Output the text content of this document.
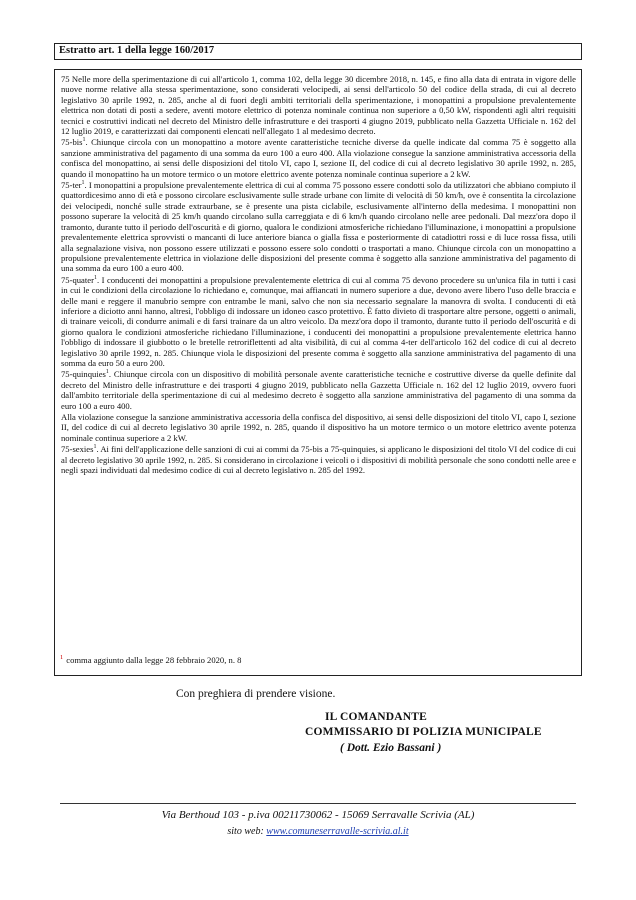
Estratto art. 1 della legge 160/2017

75 Nelle more della sperimentazione di cui all'articolo 1, comma 102, della legge 30 dicembre 2018, n. 145, e fino alla data di entrata in vigore delle nuove norme relative alla stessa sperimentazione, sono considerati velocipedi, ai sensi dell'articolo 50 del codice della strada, di cui al decreto legislativo 30 aprile 1992, n. 285, anche al di fuori degli ambiti territoriali della sperimentazione, i monopattini a propulsione prevalentemente elettrica non dotati di posti a sedere, aventi motore elettrico di potenza nominale continua non superiore a 0,50 kW, rispondenti agli altri requisiti tecnici e costruttivi indicati nel decreto del Ministro delle infrastrutture e dei trasporti 4 giugno 2019, pubblicato nella Gazzetta Ufficiale n. 162 del 12 luglio 2019, e caratterizzati dai componenti elencati nell'allegato 1 al medesimo decreto.

75-bis$^1$. Chiunque circola con un monopattino a motore avente caratteristiche tecniche diverse da quelle indicate dal comma 75 è soggetto alla sanzione amministrativa del pagamento di una somma da euro 100 a euro 400. Alla violazione consegue la sanzione amministrativa accessoria della confisca del monopattino, ai sensi delle disposizioni del titolo VI, capo I, sezione II, del codice di cui al decreto legislativo 30 aprile 1992, n. 285, quando il monopattino ha un motore termico o un motore elettrico avente potenza nominale continua superiore a 2 kW.

75-ter$^1$. I monopattini a propulsione prevalentemente elettrica di cui al comma 75 possono essere condotti solo da utilizzatori che abbiano compiuto il quattordicesimo anno di età e possono circolare esclusivamente sulle strade urbane con limite di velocità di 50 km/h, ove è consentita la circolazione dei velocipedi, nonché sulle strade extraurbane, se è presente una pista ciclabile, esclusivamente all'interno della medesima. I monopattini non possono superare la velocità di 25 km/h quando circolano sulla carreggiata e di 6 km/h quando circolano nelle aree pedonali. Dal mezz'ora dopo il tramonto, durante tutto il periodo dell'oscurità e di giorno, qualora le condizioni atmosferiche richiedano l'illuminazione, i monopattini a propulsione prevalentemente elettrica sprovvisti o mancanti di luce anteriore bianca o gialla fissa e posteriormente di catadiottri rossi e di luce rossa fissa, utili alla segnalazione visiva, non possono essere utilizzati e possono essere solo condotti o trasportati a mano. Chiunque circola con un monopattino a propulsione prevalentemente elettrica in violazione delle disposizioni del presente comma è soggetto alla sanzione amministrativa del pagamento di una somma da euro 100 a euro 400.

75-quater$^1$. I conducenti dei monopattini a propulsione prevalentemente elettrica di cui al comma 75 devono procedere su un'unica fila in tutti i casi in cui le condizioni della circolazione lo richiedano e, comunque, mai affiancati in numero superiore a due, devono avere libero l'uso delle braccia e delle mani e reggere il manubrio sempre con entrambe le mani, salvo che non sia necessario segnalare la manovra di svolta. I conducenti di età inferiore a diciotto anni hanno, altresì, l'obbligo di indossare un idoneo casco protettivo. È fatto divieto di trasportare altre persone, oggetti o animali, di trainare veicoli, di condurre animali e di farsi trainare da un altro veicolo. Da mezz'ora dopo il tramonto, durante tutto il periodo dell'oscurità e di giorno qualora le condizioni atmosferiche richiedano l'illuminazione, i conducenti dei monopattini a propulsione prevalentemente elettrica hanno l'obbligo di indossare il giubbotto o le bretelle retroriflettenti ad alta visibilità, di cui al comma 4-ter dell'articolo 162 del codice di cui al decreto legislativo 30 aprile 1992, n. 285. Chiunque viola le disposizioni del presente comma è soggetto alla sanzione amministrativa del pagamento di una somma da euro 50 a euro 200.

75-quinquies$^1$. Chiunque circola con un dispositivo di mobilità personale avente caratteristiche tecniche e costruttive diverse da quelle definite dal decreto del Ministro delle infrastrutture e dei trasporti 4 giugno 2019, pubblicato nella Gazzetta Ufficiale n. 162 del 12 luglio 2019, ovvero fuori dall'ambito territoriale della sperimentazione di cui al medesimo decreto è soggetto alla sanzione amministrativa del pagamento di una somma da euro 100 a euro 400.

Alla violazione consegue la sanzione amministrativa accessoria della confisca del dispositivo, ai sensi delle disposizioni del titolo VI, capo I, sezione II, del codice di cui al decreto legislativo 30 aprile 1992, n. 285, quando il dispositivo ha un motore termico o un motore elettrico avente potenza nominale continua superiore a 2 kW.

75-sexies$^1$. Ai fini dell'applicazione delle sanzioni di cui ai commi da 75-bis a 75-quinquies, si applicano le disposizioni del titolo VI del codice di cui al decreto legislativo 30 aprile 1992, n. 285. Si considerano in circolazione i veicoli o i dispositivi di mobilità personale che sono condotti nelle aree e negli spazi individuati dal medesimo codice di cui al decreto legislativo n. 285 del 1992.

$^1$ comma aggiunto dalla legge 28 febbraio 2020, n. 8
Con preghiera di prendere visione.
IL COMANDANTE
COMMISSARIO DI POLIZIA MUNICIPALE
( Dott. Ezio Bassani )
Via Berthoud 103 - p.iva 00211730062 - 15069 Serravalle Scrivia (AL)
sito web: www.comuneserravalle-scrivia.al.it
